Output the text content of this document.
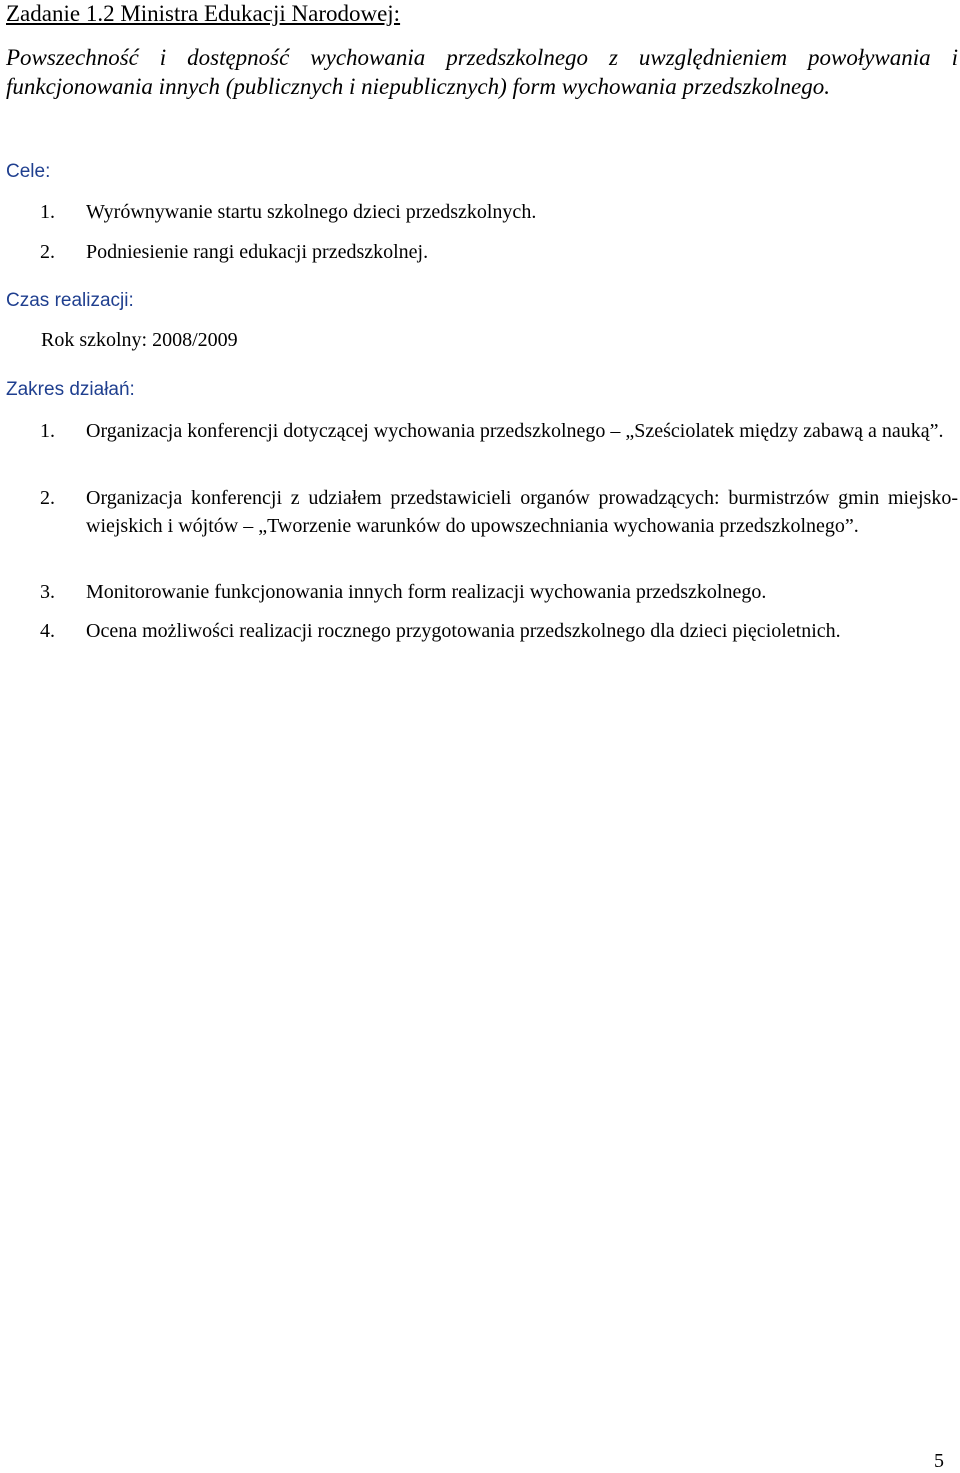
Zadanie 1.2 Ministra Edukacji Narodowej:
Powszechność i dostępność wychowania przedszkolnego z uwzględnieniem powoływania i funkcjonowania innych (publicznych i niepublicznych) form wychowania przedszkolnego.
Cele:
1. Wyrównywanie startu szkolnego dzieci przedszkolnych.
2. Podniesienie rangi edukacji przedszkolnej.
Czas realizacji:
Rok szkolny: 2008/2009
Zakres działań:
1. Organizacja konferencji dotyczącej wychowania przedszkolnego – „Sześciolatek między zabawą a nauką”.
2. Organizacja konferencji z udziałem przedstawicieli organów prowadzących: burmistrzów gmin miejsko-wiejskich i wójtów – „Tworzenie warunków do upowszechniania wychowania przedszkolnego”.
3. Monitorowanie funkcjonowania innych form realizacji wychowania przedszkolnego.
4. Ocena możliwości realizacji rocznego przygotowania przedszkolnego dla dzieci pięcioletnich.
5
